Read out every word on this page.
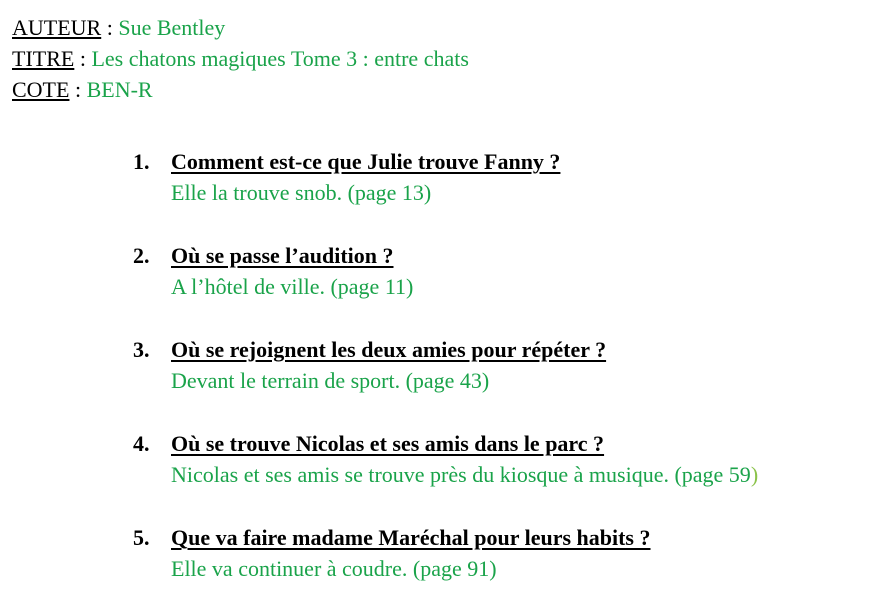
AUTEUR : Sue Bentley
TITRE : Les chatons magiques Tome 3 : entre chats
COTE : BEN-R
1. Comment est-ce que Julie trouve Fanny ?
Elle la trouve snob. (page 13)
2. Où se passe l’audition ?
A l’hôtel de ville. (page 11)
3. Où se rejoignent les deux amies pour répéter ?
Devant le terrain de sport. (page 43)
4. Où se trouve Nicolas et ses amis dans le parc ?
Nicolas et ses amis se trouve près du kiosque à musique. (page 59)
5. Que va faire madame Maréchal pour leurs habits ?
Elle va continuer à coudre. (page 91)
